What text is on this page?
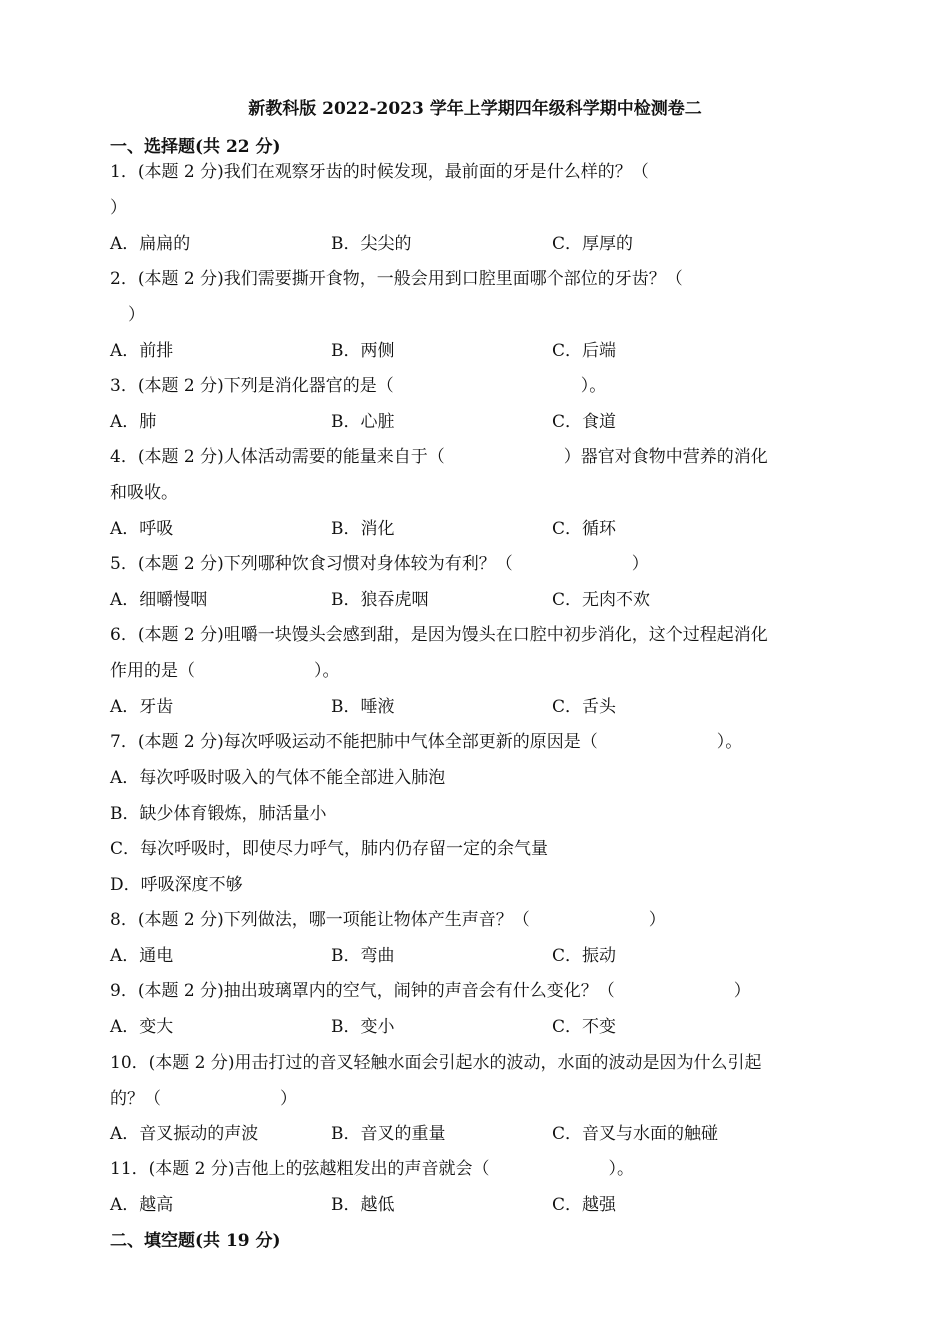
新教科版 2022-2023 学年上学期四年级科学期中检测卷二
一、选择题(共 22 分)
1．(本题 2 分)我们在观察牙齿的时候发现，最前面的牙是什么样的？（
）
A．扁扁的	B．尖尖的	C．厚厚的
2．(本题 2 分)我们需要撕开食物，一般会用到口腔里面哪个部位的牙齿？（
）
A．前排	B．两侧	C．后端
3．(本题 2 分)下列是消化器官的是（　　　　　　　　　　　）。
A．肺	B．心脏	C．食道
4．(本题 2 分)人体活动需要的能量来自于（　　　　　　　）器官对食物中营养的消化
和吸收。
A．呼吸	B．消化	C．循环
5．(本题 2 分)下列哪种饮食习惯对身体较为有利？（　　　　　　　）
A．细嚼慢咽	B．狼吞虎咽	C．无肉不欢
6．(本题 2 分)咀嚼一块馒头会感到甜，是因为馒头在口腔中初步消化，这个过程起消化
作用的是（　　　　　　　）。
A．牙齿	B．唾液	C．舌头
7．(本题 2 分)每次呼吸运动不能把肺中气体全部更新的原因是（　　　　　　　）。
A．每次呼吸时吸入的气体不能全部进入肺泡
B．缺少体育锻炼，肺活量小
C．每次呼吸时，即使尽力呼气，肺内仍存留一定的余气量
D．呼吸深度不够
8．(本题 2 分)下列做法，哪一项能让物体产生声音？（　　　　　　　）
A．通电	B．弯曲	C．振动
9．(本题 2 分)抽出玻璃罩内的空气，闹钟的声音会有什么变化？（　　　　　　　）
A．变大	B．变小	C．不变
10．(本题 2 分)用击打过的音叉轻触水面会引起水的波动，水面的波动是因为什么引起
的？（　　　　　　　）
A．音叉振动的声波	B．音叉的重量	C．音叉与水面的触碰
11．(本题 2 分)吉他上的弦越粗发出的声音就会（　　　　　　　）。
A．越高	B．越低	C．越强
二、填空题(共 19 分)
